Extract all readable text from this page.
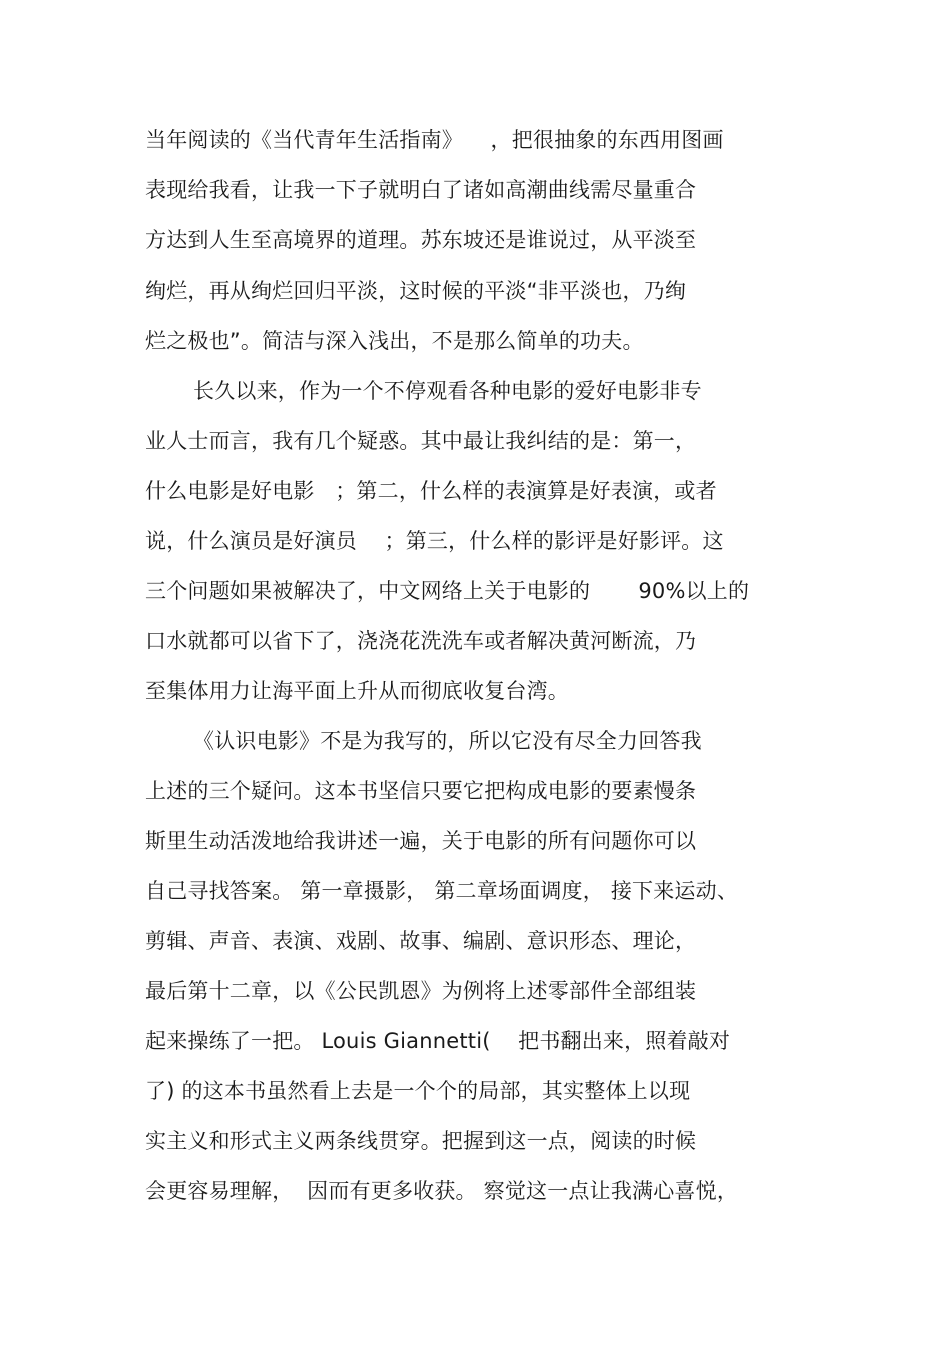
当年阅读的《当代青年生活指南》    ，把很抽象的东西用图画
表现给我看，让我一下子就明白了诸如高潮曲线需尽量重合
方达到人生至高境界的道理。苏东坡还是谁说过，从平淡至
绚烂，再从绚烂回归平淡，这时候的平淡“非平淡也，乃绚
烂之极也”。简洁与深入浅出，不是那么简单的功夫。
长久以来，作为一个不停观看各种电影的爱好电影非专
业人士而言，我有几个疑惑。其中最让我纠结的是：第一，
什么电影是好电影   ；第二，什么样的表演算是好表演，或者
说，什么演员是好演员    ；第三，什么样的影评是好影评。这
三个问题如果被解决了，中文网络上关于电影的       90%以上的
口水就都可以省下了，浇浇花洗洗车或者解决黄河断流，乃
至集体用力让海平面上升从而彻底收复台湾。
《认识电影》不是为我写的，所以它没有尽全力回答我
上述的三个疑问。这本书坚信只要它把构成电影的要素慢条
斯里生动活泼地给我讲述一遍，关于电影的所有问题你可以
自己寻找答案。 第一章摄影， 第二章场面调度， 接下来运动、
剪辑、声音、表演、戏剧、故事、编剧、意识形态、理论，
最后第十二章，以《公民凯恩》为例将上述零部件全部组装
起来操练了一把。 Louis Giannetti(    把书翻出来，照着敲对
了) 的这本书虽然看上去是一个个的局部，其实整体上以现
实主义和形式主义两条线贯穿。把握到这一点，阅读的时候
会更容易理解，  因而有更多收获。 察觉这一点让我满心喜悦，
